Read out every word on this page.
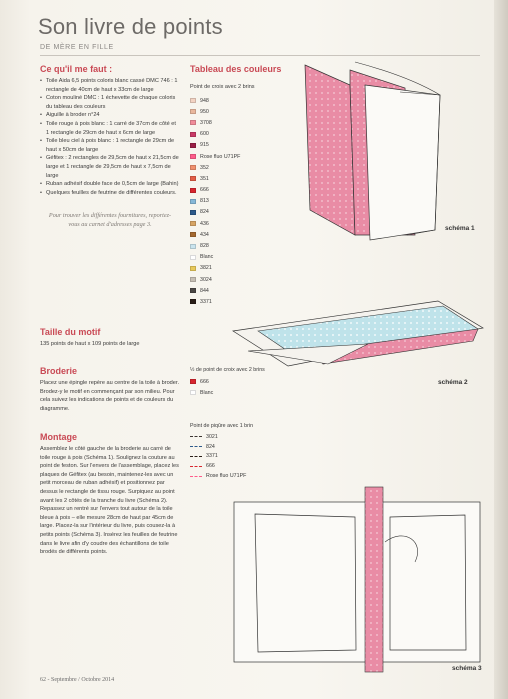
Son livre de points
DE MÈRE EN FILLE
Ce qu'il me faut :
• Toile Aida 6,5 points coloris blanc cassé DMC 746 : 1 rectangle de 40cm de haut x 33cm de large
• Coton mouliné DMC : 1 échevette de chaque coloris du tableau des couleurs
• Aiguille à broder n°24
• Toile rouge à pois blanc : 1 carré de 37cm de côté et 1 rectangle de 29cm de haut x 6cm de large
• Toile bleu ciel à pois blanc : 1 rectangle de 29cm de haut x 50cm de large
• Géfitex : 2 rectangles de 29,5cm de haut x 21,5cm de large et 1 rectangle de 29,5cm de haut x 7,5cm de large
• Ruban adhésif double face de 0,5cm de large (Bahin)
• Quelques feuilles de feutrine de différentes couleurs.
Pour trouver les différentes fournitures, reportez-vous au carnet d'adresses page 3.
Taille du motif
135 points de haut x 109 points de large
Broderie
Placez une épingle repère au centre de la toile à broder. Brodez-y le motif en commençant par son milieu. Pour cela suivez les indications de points et de couleurs du diagramme.
Montage
Assemblez le côté gauche de la broderie au carré de toile rouge à pois (Schéma 1). Soulignez la couture au point de feston. Sur l'envers de l'assemblage, placez les plaques de Géfitex (au besoin, maintenez-les avec un petit morceau de ruban adhésif) et positionnez par dessus le rectangle de tissu rouge. Surpiquez au point avant les 2 côtés de la tranche du livre (Schéma 2). Repassez un rentré sur l'envers tout autour de la toile bleue à pois – elle mesure 28cm de haut par 45cm de large. Placez-la sur l'intérieur du livre, puis cousez-la à petits points (Schéma 3). Insérez les feuilles de feutrine dans le livre afin d'y coudre des échantillons de toile brodés de différents points.
Tableau des couleurs
Point de croix avec 2 brins
948
950
3708
600
915
Rose fluo U71PF
352
351
666
813
824
436
434
828
Blanc
3821
3024
844
3371
½ de point de croix avec 2 brins
666
Blanc
Point de piqûre avec 1 brin
3021
824
3371
666
Rose fluo U71PF
schéma 1
schéma 2
schéma 3
62 - Septembre / Octobre 2014
